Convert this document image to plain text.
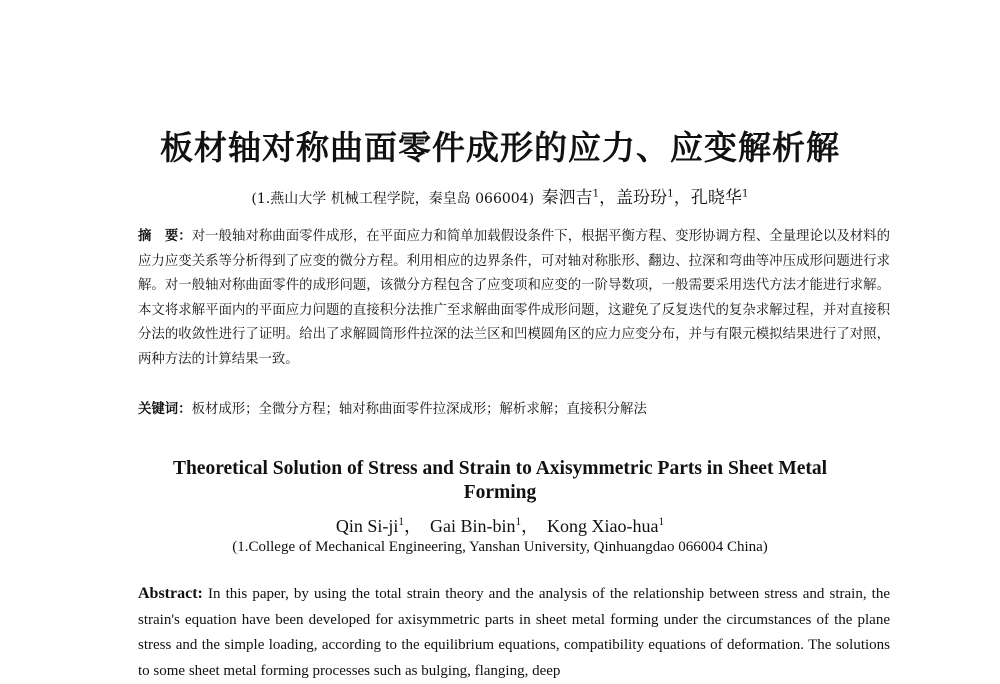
板材轴对称曲面零件成形的应力、应变解析解
(1.燕山大学 机械工程学院，秦皇岛 066004) 秦泗吉$^1$，盖玢玢$^1$，孔晓华$^1$
摘　要：对一般轴对称曲面零件成形，在平面应力和简单加载假设条件下，根据平衡方程、变形协调方程、全量理论以及材料的应力应变关系等分析得到了应变的微分方程。利用相应的边界条件，可对轴对称胀形、翻边、拉深和弯曲等冲压成形问题进行求解。对一般轴对称曲面零件的成形问题，该微分方程包含了应变项和应变的一阶导数项，一般需要采用迭代方法才能进行求解。本文将求解平面内的平面应力问题的直接积分法推广至求解曲面零件成形问题，这避免了反复迭代的复杂求解过程，并对直接积分法的收敛性进行了证明。给出了求解圆筒形件拉深的法兰区和凹模圆角区的应力应变分布，并与有限元模拟结果进行了对照，两种方法的计算结果一致。
关键词：板材成形；全微分方程；轴对称曲面零件拉深成形；解析求解；直接积分解法
Theoretical Solution of Stress and Strain to Axisymmetric Parts in Sheet Metal Forming
Qin $Si-ji^1$， Gai Bin-bin$^1$， Kong Xiao-hua$^1$
(1.College of Mechanical Engineering, Yanshan University, Qinhuangdao 066004 China)
Abstract: In this paper, by using the total strain theory and the analysis of the relationship between stress and strain, the strain's equation have been developed for axisymmetric parts in sheet metal forming under the circumstances of the plane stress and the simple loading, according to the equilibrium equations, compatibility equations of deformation. The solutions to some sheet metal forming processes such as bulging, flanging, deep
